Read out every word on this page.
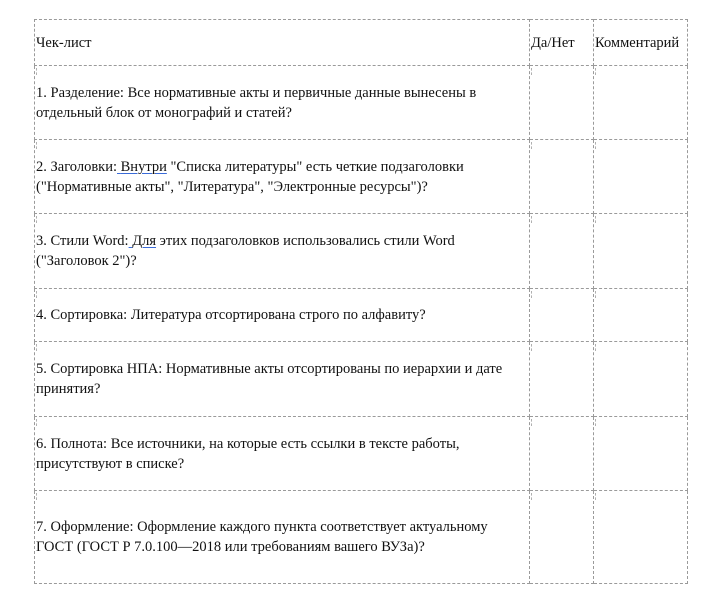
Чек-лист	Да/Нет	Комментарий

1. Разделение: Все нормативные акты и первичные данные вынесены в отдельный блок от монографий и статей?		

2. Заголовки: Внутри "Списка литературы" есть четкие подзаголовки ("Нормативные акты", "Литература", "Электронные ресурсы")?		

3. Стили Word: Для этих подзаголовков использовались стили Word ("Заголовок 2")?		

4. Сортировка: Литература отсортирована строго по алфавиту?		

5. Сортировка НПА: Нормативные акты отсортированы по иерархии и дате принятия?		

6. Полнота: Все источники, на которые есть ссылки в тексте работы, присутствуют в списке?		

7. Оформление: Оформление каждого пункта соответствует актуальному ГОСТ (ГОСТ Р 7.0.100—2018 или требованиям вашего ВУЗа)?		
